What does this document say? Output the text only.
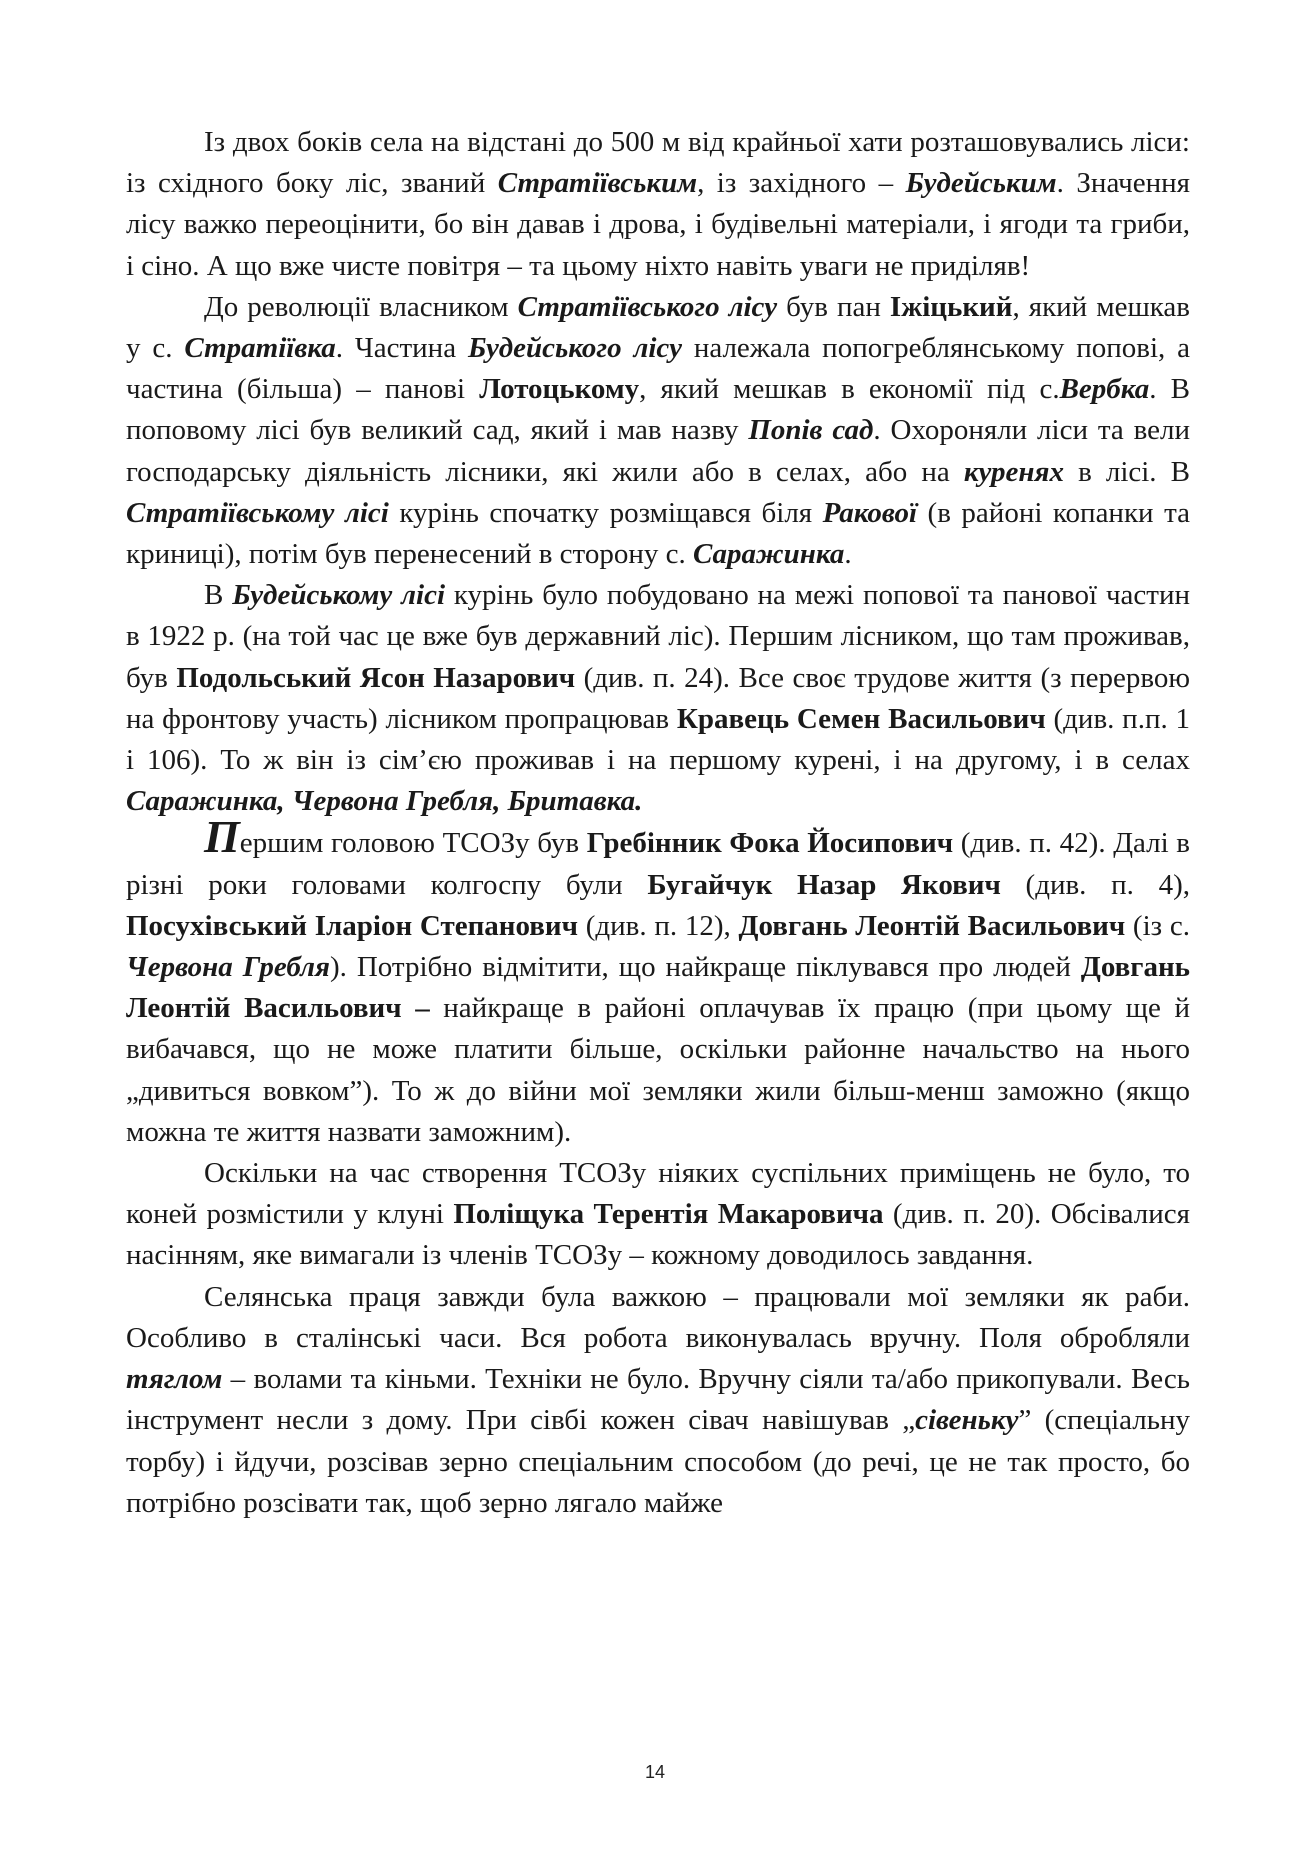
Із двох боків села на відстані до 500 м від крайньої хати розташовувались ліси: із східного боку ліс, званий Стратіївським, із західного – Будейським. Значення лісу важко переоцінити, бо він давав і дрова, і будівельні матеріали, і ягоди та гриби, і сіно. А що вже чисте повітря – та цьому ніхто навіть уваги не приділяв!

До революції власником Стратіївського лісу був пан Іжіцький, який мешкав у с. Стратіївка. Частина Будейського лісу належала попогреблянському попові, а частина (більша) – панові Лотоцькому, який мешкав в економії під с.Вербка. В поповому лісі був великий сад, який і мав назву Попів сад. Охороняли ліси та вели господарську діяльність лісники, які жили або в селах, або на куренях в лісі. В Стратіївському лісі курінь спочатку розміщався біля Ракової (в районі копанки та криниці), потім був перенесений в сторону с. Саражинка.

В Будейському лісі курінь було побудовано на межі попової та панової частин в 1922 р. (на той час це вже був державний ліс). Першим лісником, що там проживав, був Подольський Ясон Назарович (див. п. 24). Все своє трудове життя (з перервою на фронтову участь) лісником пропрацював Кравець Семен Васильович (див. п.п. 1 і 106). То ж він із сім’єю проживав і на першому курені, і на другому, і в селах Саражинка, Червона Гребля, Бритавка.

Першим головою ТСОЗу був Гребінник Фока Йосипович (див. п. 42). Далі в різні роки головами колгоспу були Бугайчук Назар Якович (див. п. 4), Посухівський Іларіон Степанович (див. п. 12), Довгань Леонтій Васильович (із с. Червона Гребля). Потрібно відмітити, що найкраще піклувався про людей Довгань Леонтій Васильович – найкраще в районі оплачував їх працю (при цьому ще й вибачався, що не може платити більше, оскільки районне начальство на нього „дивиться вовком”). То ж до війни мої земляки жили більш-менш заможно (якщо можна те життя назвати заможним).

Оскільки на час створення ТСОЗу ніяких суспільних приміщень не було, то коней розмістили у клуні Поліщука Терентія Макаровича (див. п. 20). Обсівалися насінням, яке вимагали із членів ТСОЗу – кожному доводилось завдання.

Селянська праця завжди була важкою – працювали мої земляки як раби. Особливо в сталінські часи. Вся робота виконувалась вручну. Поля обробляли тяглом – волами та кіньми. Техніки не було. Вручну сіяли та/або прикопували. Весь інструмент несли з дому. При сівбі кожен сівач навішував „сівеньку” (спеціальну торбу) і йдучи, розсівав зерно спеціальним способом (до речі, це не так просто, бо потрібно розсівати так, щоб зерно лягало майже

14
